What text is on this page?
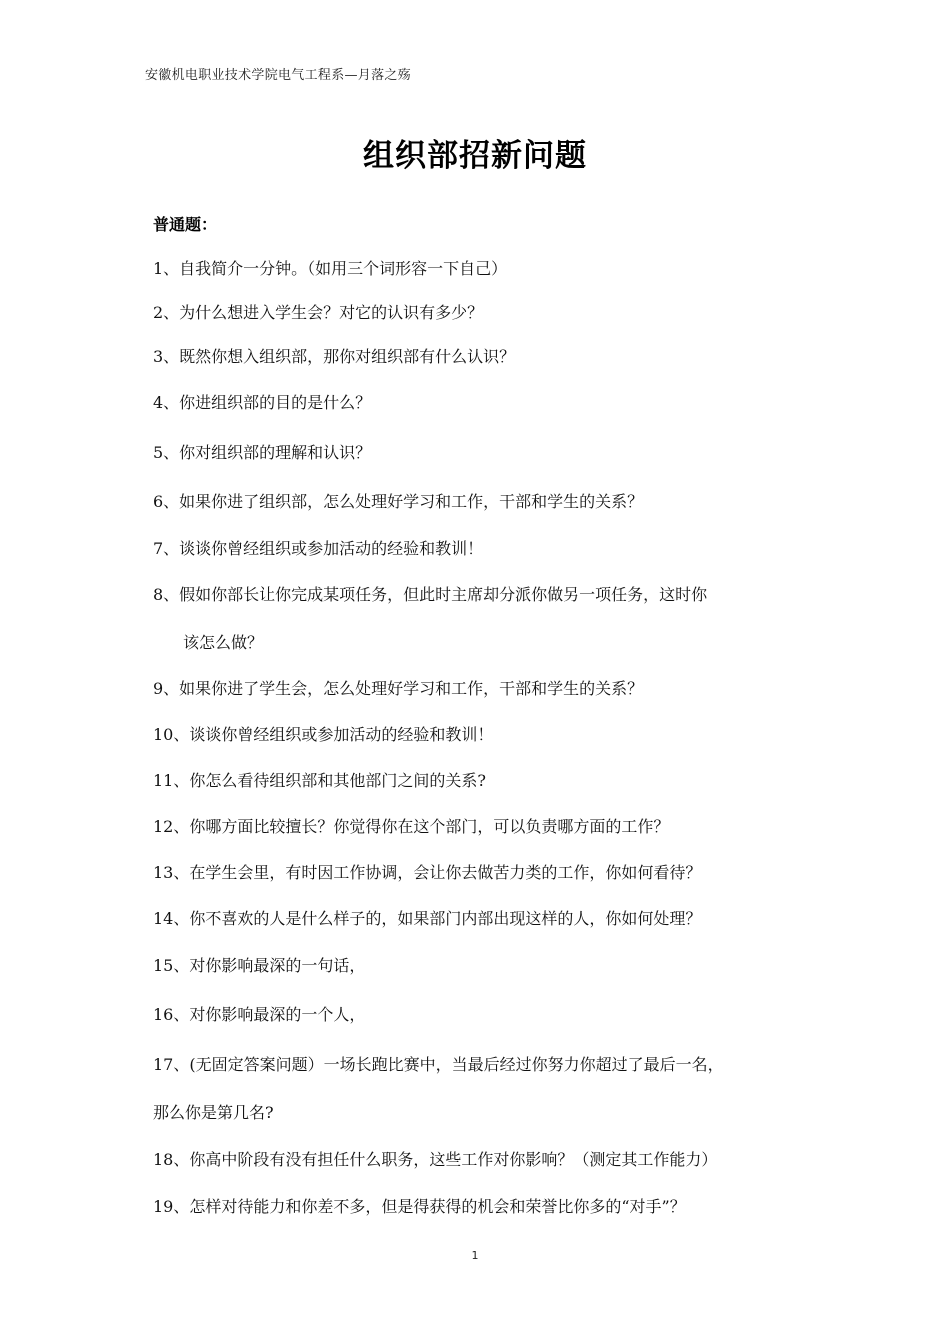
安徽机电职业技术学院电气工程系—月落之殇
组织部招新问题
普通题：
1、自我简介一分钟。（如用三个词形容一下自己）
2、为什么想进入学生会？对它的认识有多少？
3、既然你想入组织部，那你对组织部有什么认识？
4、你进组织部的目的是什么？
5、你对组织部的理解和认识？
6、如果你进了组织部，怎么处理好学习和工作，干部和学生的关系？
7、谈谈你曾经组织或参加活动的经验和教训！
8、假如你部长让你完成某项任务，但此时主席却分派你做另一项任务，这时你
该怎么做？
9、如果你进了学生会，怎么处理好学习和工作，干部和学生的关系？
10、谈谈你曾经组织或参加活动的经验和教训！
11、你怎么看待组织部和其他部门之间的关系?
12、你哪方面比较擅长？你觉得你在这个部门，可以负责哪方面的工作？
13、在学生会里，有时因工作协调，会让你去做苦力类的工作，你如何看待？
14、你不喜欢的人是什么样子的，如果部门内部出现这样的人，你如何处理？
15、对你影响最深的一句话，
16、对你影响最深的一个人，
17、(无固定答案问题）一场长跑比赛中，当最后经过你努力你超过了最后一名，
那么你是第几名?
18、你高中阶段有没有担任什么职务，这些工作对你影响？（测定其工作能力）
19、怎样对待能力和你差不多，但是得获得的机会和荣誉比你多的“对手”？
1
